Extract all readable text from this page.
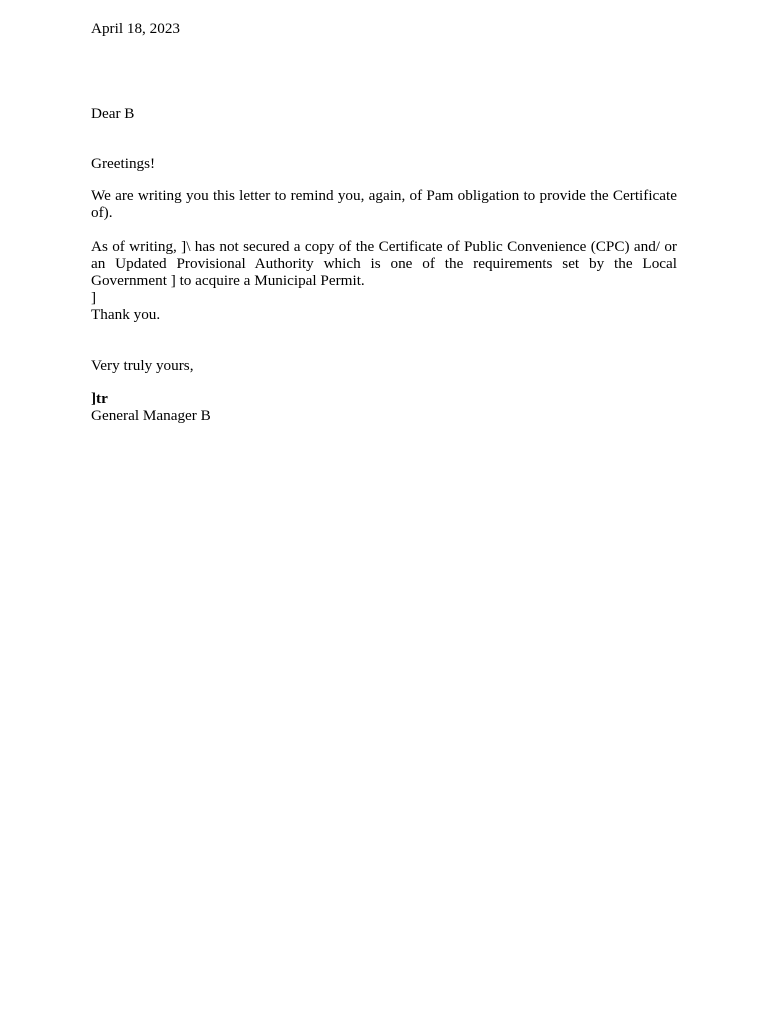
April 18, 2023
Dear B
Greetings!
We are writing you this letter to remind you, again, of Pam obligation to provide the Certificate of).
As of writing, ]\ has not secured a copy of the Certificate of Public Convenience (CPC) and/ or an Updated Provisional Authority which is one of the requirements set by the Local Government ] to acquire a Municipal Permit.
]
Thank you.
Very truly yours,
]tr
General Manager B
